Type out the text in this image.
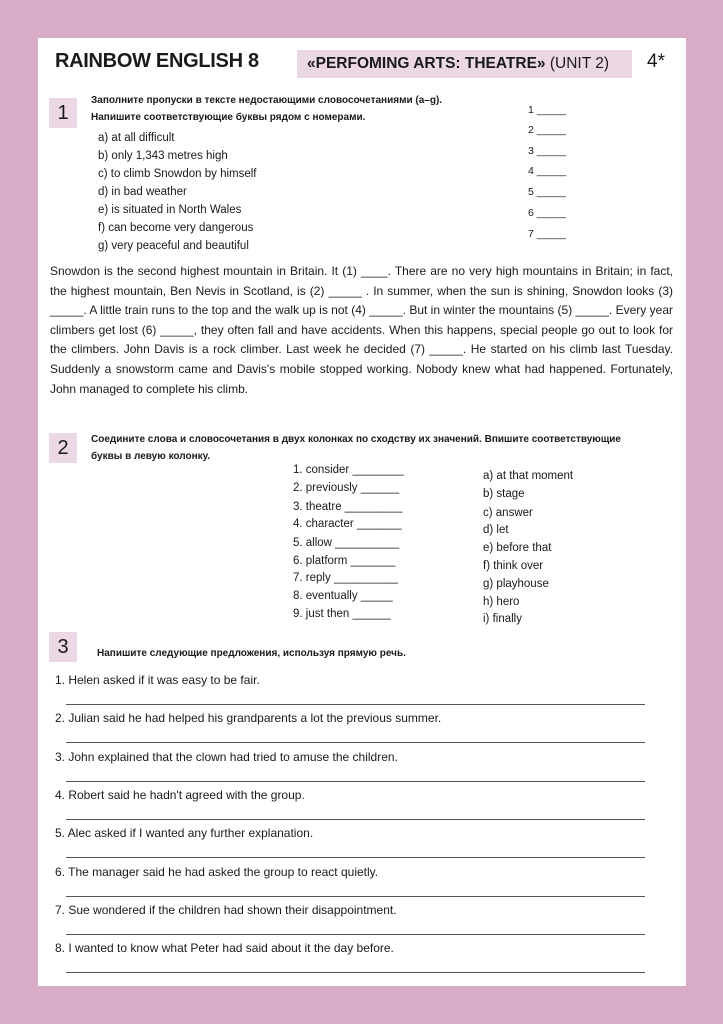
RAINBOW ENGLISH 8	«PERFOMING ARTS: THEATRE» (UNIT 2) 4*
1
Заполните пропуски в тексте недостающими словосочетаниями (a–g).
Напишите соответствующие буквы рядом с номерами.
a) at all difficult
b) only 1,343 metres high
c) to climb Snowdon by himself
d) in bad weather
e) is situated in North Wales
f) can become very dangerous
g) very peaceful and beautiful
1 _____
2 _____
3 _____
4 _____
5 _____
6 _____
7 _____
Snowdon is the second highest mountain in Britain. It (1) ____. There are no very high mountains in Britain; in fact, the highest mountain, Ben Nevis in Scotland, is (2) _____ . In summer, when the sun is shining, Snowdon looks (3) _____. A little train runs to the top and the walk up is not (4) _____. But in winter the mountains (5) _____. Every year climbers get lost (6) _____, they often fall and have accidents. When this happens, special people go out to look for the climbers. John Davis is a rock climber. Last week he decided (7) _____. He started on his climb last Tuesday. Suddenly a snowstorm came and Davis's mobile stopped working. Nobody knew what had happened. Fortunately, John managed to complete his climb.
2	Соедините слова и словосочетания в двух колонках по сходству их значений. Впишите соответствующие
буквы в левую колонку.
1. consider ________
2. previously ______
3. theatre _________
4. character _______
5. allow __________
6. platform _______
7. reply __________
8. eventually _____
9. just then ______
a) at that moment
b) stage
c) answer
d) let
e) before that
f) think over
g) playhouse
h) hero
i) finally
3	Напишите следующие предложения, используя прямую речь.
1. Helen asked if it was easy to be fair.
2. Julian said he had helped his grandparents a lot the previous summer.
3. John explained that the clown had tried to amuse the children.
4. Robert said he hadn't agreed with the group.
5. Alec asked if I wanted any further explanation.
6. The manager said he had asked the group to react quietly.
7. Sue wondered if the children had shown their disappointment.
8. I wanted to know what Peter had said about it the day before.
